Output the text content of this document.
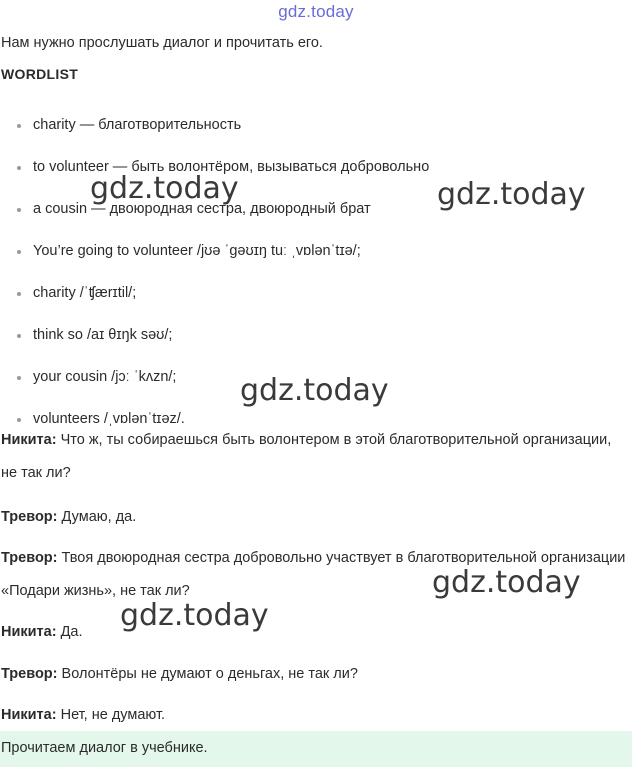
gdz.today
Нам нужно прослушать диалог и прочитать его.
WORDLIST
charity — благотворительность
to volunteer — быть волонтёром, вызываться добровольно
a cousin — двоюродная сестра, двоюродный брат
You’re going to volunteer /jʊə ˈɡəʊɪŋ tuː ˌvɒlənˈtɪə/;
charity /ˈʧærɪtil/;
think so /aɪ θɪŋk səʊ/;
your cousin /jɔː ˈkʌzn/;
volunteers /ˌvɒlənˈtɪəz/.
Никита: Что ж, ты собираешься быть волонтером в этой благотворительной организации, не так ли?
Тревор: Думаю, да.
Тревор: Твоя двоюродная сестра добровольно участвует в благотворительной организации «Подари жизнь», не так ли?
Никита: Да.
Тревор: Волонтёры не думают о деньгах, не так ли?
Никита: Нет, не думают.
Прочитаем диалог в учебнике.
gdz.today	gdz.today
gdz.today
gdz.today
gdz.today
